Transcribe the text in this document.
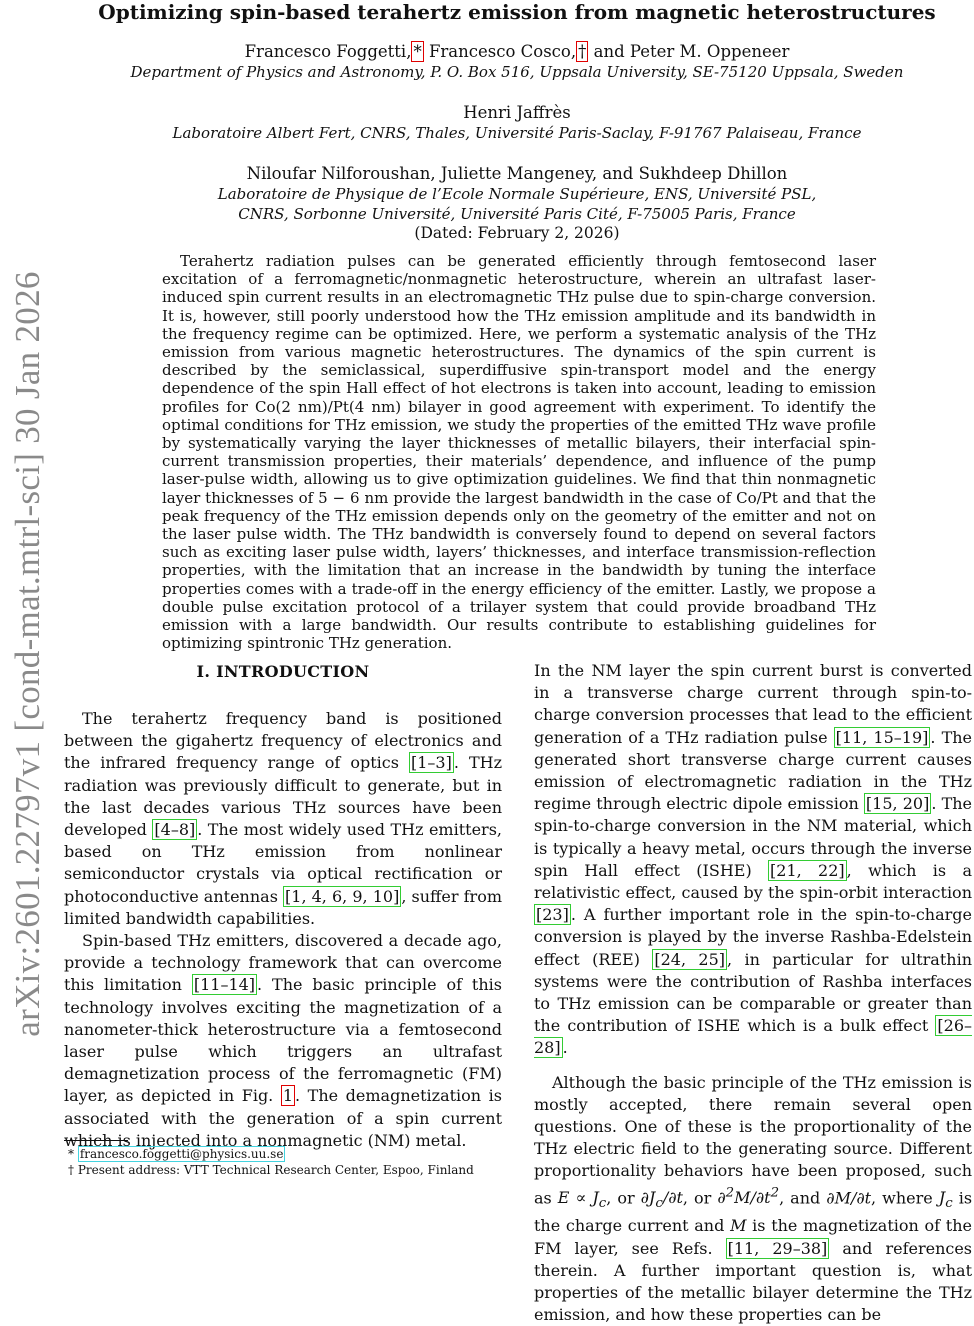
arXiv:2601.22797v1 [cond-mat.mtrl-sci] 30 Jan 2026
Optimizing spin-based terahertz emission from magnetic heterostructures
Francesco Foggetti, * Francesco Cosco, † and Peter M. Oppeneer
Department of Physics and Astronomy, P. O. Box 516, Uppsala University, SE-75120 Uppsala, Sweden
Henri Jaffrès
Laboratoire Albert Fert, CNRS, Thales, Université Paris-Saclay, F-91767 Palaiseau, France
Niloufar Nilforoushan, Juliette Mangeney, and Sukhdeep Dhillon
Laboratoire de Physique de l’Ecole Normale Supérieure, ENS, Université PSL,
CNRS, Sorbonne Université, Université Paris Cité, F-75005 Paris, France
(Dated: February 2, 2026)

Terahertz radiation pulses can be generated efficiently through femtosecond laser excitation of a ferromagnetic/nonmagnetic heterostructure, wherein an ultrafast laser-induced spin current results in an electromagnetic THz pulse due to spin-charge conversion. It is, however, still poorly understood how the THz emission amplitude and its bandwidth in the frequency regime can be optimized. Here, we perform a systematic analysis of the THz emission from various magnetic heterostructures. The dynamics of the spin current is described by the semiclassical, superdiffusive spin-transport model and the energy dependence of the spin Hall effect of hot electrons is taken into account, leading to emission profiles for Co(2 nm)/Pt(4 nm) bilayer in good agreement with experiment. To identify the optimal conditions for THz emission, we study the properties of the emitted THz wave profile by systematically varying the layer thicknesses of metallic bilayers, their interfacial spin-current transmission properties, their materials’ dependence, and influence of the pump laser-pulse width, allowing us to give optimization guidelines. We find that thin nonmagnetic layer thicknesses of 5 − 6 nm provide the largest bandwidth in the case of Co/Pt and that the peak frequency of the THz emission depends only on the geometry of the emitter and not on the laser pulse width. The THz bandwidth is conversely found to depend on several factors such as exciting laser pulse width, layers’ thicknesses, and interface transmission-reflection properties, with the limitation that an increase in the bandwidth by tuning the interface properties comes with a trade-off in the energy efficiency of the emitter. Lastly, we propose a double pulse excitation protocol of a trilayer system that could provide broadband THz emission with a large bandwidth. Our results contribute to establishing guidelines for optimizing spintronic THz generation.

I. INTRODUCTION

The terahertz frequency band is positioned between the gigahertz frequency of electronics and the infrared frequency range of optics [1–3] . THz radiation was previously difficult to generate, but in the last decades various THz sources have been developed [4–8] . The most widely used THz emitters, based on THz emission from nonlinear semiconductor crystals via optical rectification or photoconductive antennas [1, 4, 6, 9, 10] , suffer from limited bandwidth capabilities.

Spin-based THz emitters, discovered a decade ago, provide a technology framework that can overcome this limitation [11–14] . The basic principle of this technology involves exciting the magnetization of a nanometer-thick heterostructure via a femtosecond laser pulse which triggers an ultrafast demagnetization process of the ferromagnetic (FM) layer, as depicted in Fig. 1 . The demagnetization is associated with the generation of a spin current which is injected into a nonmagnetic (NM) metal.

In the NM layer the spin current burst is converted in a transverse charge current through spin-to-charge conversion processes that lead to the efficient generation of a THz radiation pulse [11, 15–19] . The generated short transverse charge current causes emission of electromagnetic radiation in the THz regime through electric dipole emission [15, 20] . The spin-to-charge conversion in the NM material, which is typically a heavy metal, occurs through the inverse spin Hall effect (ISHE) [21, 22] , which is a relativistic effect, caused by the spin-orbit interaction [23] . A further important role in the spin-to-charge conversion is played by the inverse Rashba-Edelstein effect (REE) [24, 25] , in particular for ultrathin systems were the contribution of Rashba interfaces to THz emission can be comparable or greater than the contribution of ISHE which is a bulk effect [26–28] .

Although the basic principle of the THz emission is mostly accepted, there remain several open questions. One of these is the proportionality of the THz electric field to the generating source. Different proportionality behaviors have been proposed, such as $E \propto J_c$, or $\partial J_c/\partial t$, or $\partial^2M/\partial t^2$, and ∂M/∂t, where $J_c$ is the charge current and M is the magnetization of the FM layer, see Refs. [11, 29–38] and references therein. A further important question is, what properties of the metallic bilayer determine the THz emission, and how these properties can be

* francesco.foggetti@physics.uu.se

† Present address: VTT Technical Research Center, Espoo, Finland
